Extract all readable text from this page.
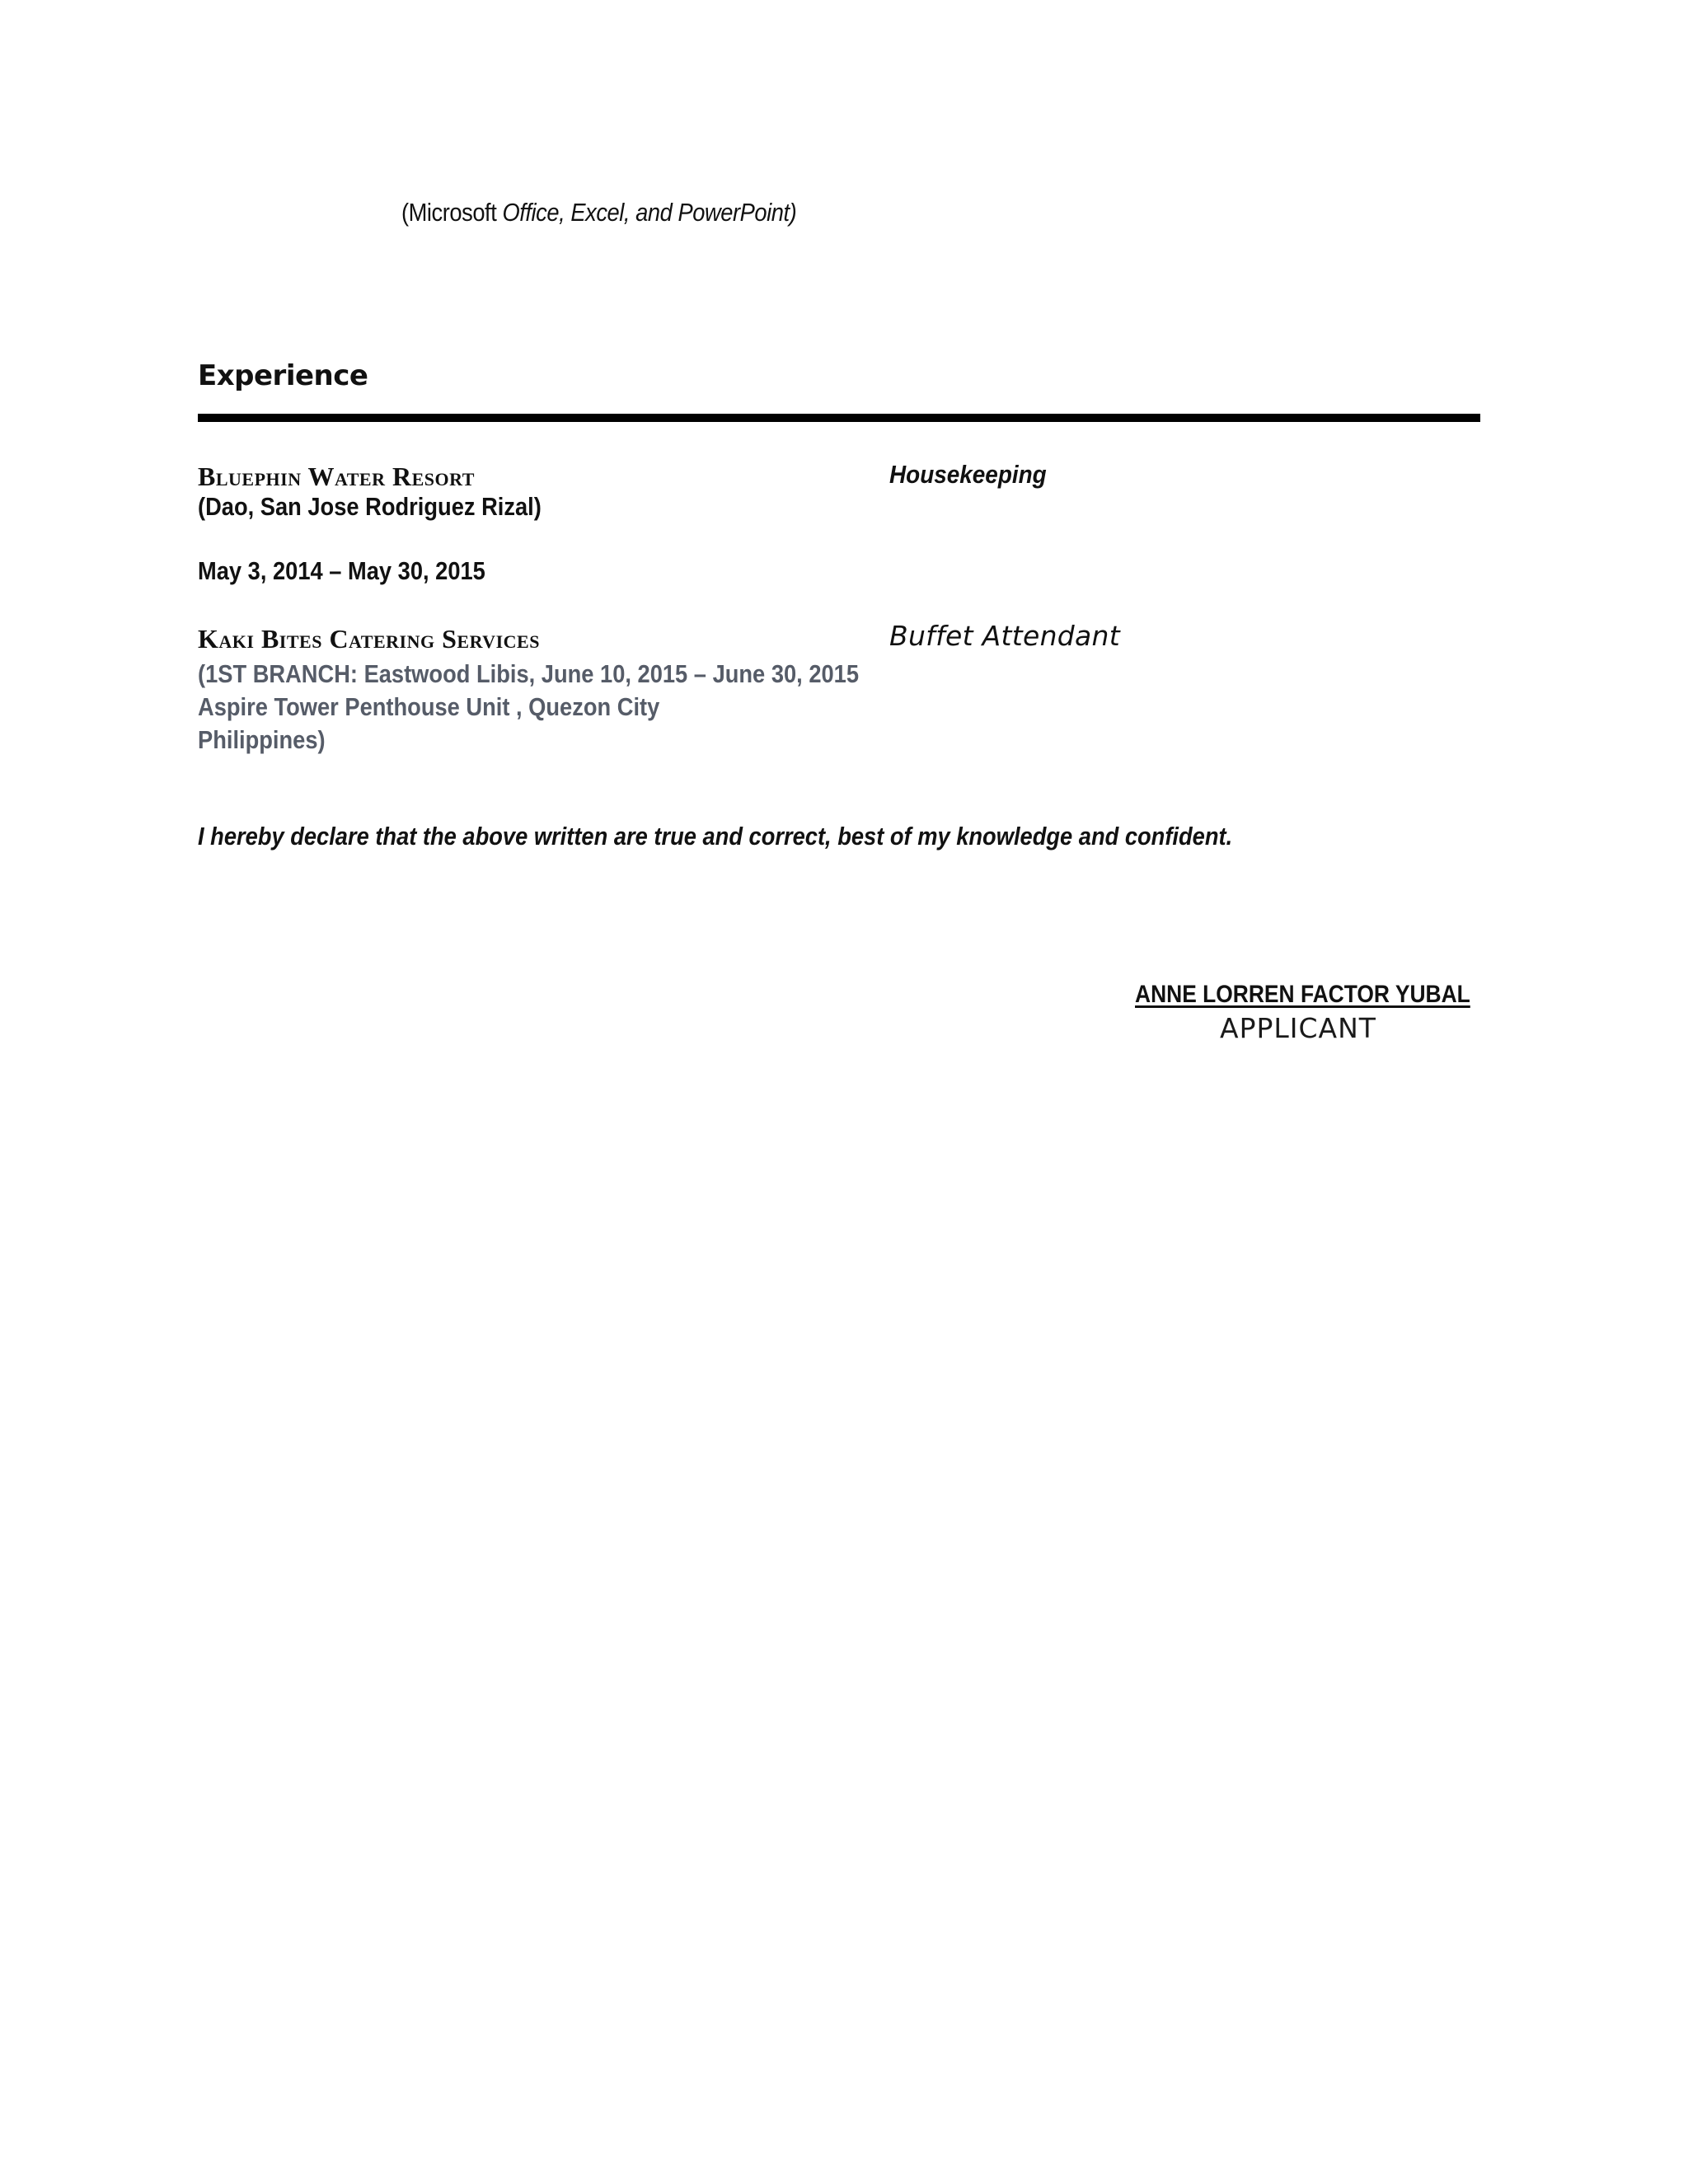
(Microsoft Office, Excel, and PowerPoint)
Experience
Bluephin Water Resort	Housekeeping
(Dao, San Jose Rodriguez Rizal)
May 3, 2014 – May 30, 2015
Kaki Bites Catering Services	Buffet Attendant
(1ST BRANCH: Eastwood Libis, June 10, 2015 – June 30, 2015
Aspire Tower Penthouse Unit , Quezon City
Philippines)
I hereby declare that the above written are true and correct, best of my knowledge and confident.
ANNE LORREN FACTOR YUBAL
APPLICANT
